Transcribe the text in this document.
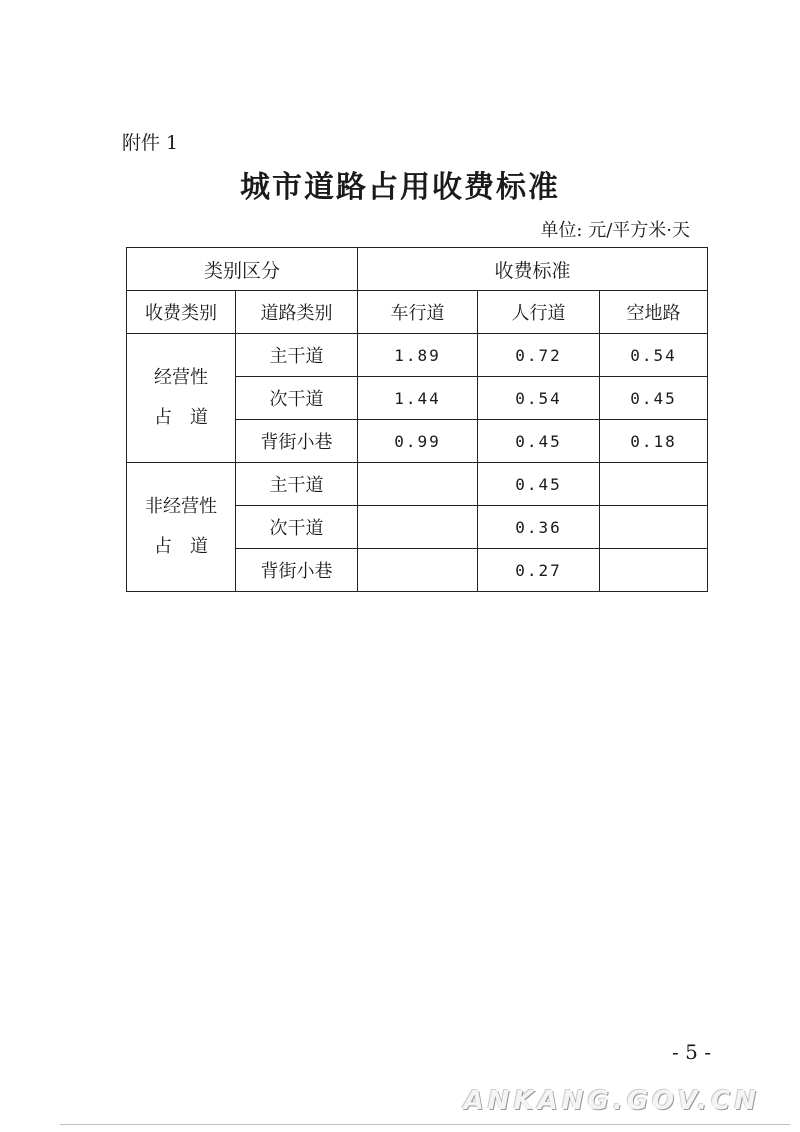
附件 1
城市道路占用收费标准
单位: 元/平方米·天
类别区分		收费标准		
收费类别	道路类别	车行道	人行道	空地路

经营性
占　道	主干道	1.89	0.72	0.54
	次干道	1.44	0.54	0.45
	背街小巷	0.99	0.45	0.18

非经营性
占　道	主干道		0.45	
	次干道		0.36	
	背街小巷		0.27	
- 5 -
ANKANG.GOV.CN
